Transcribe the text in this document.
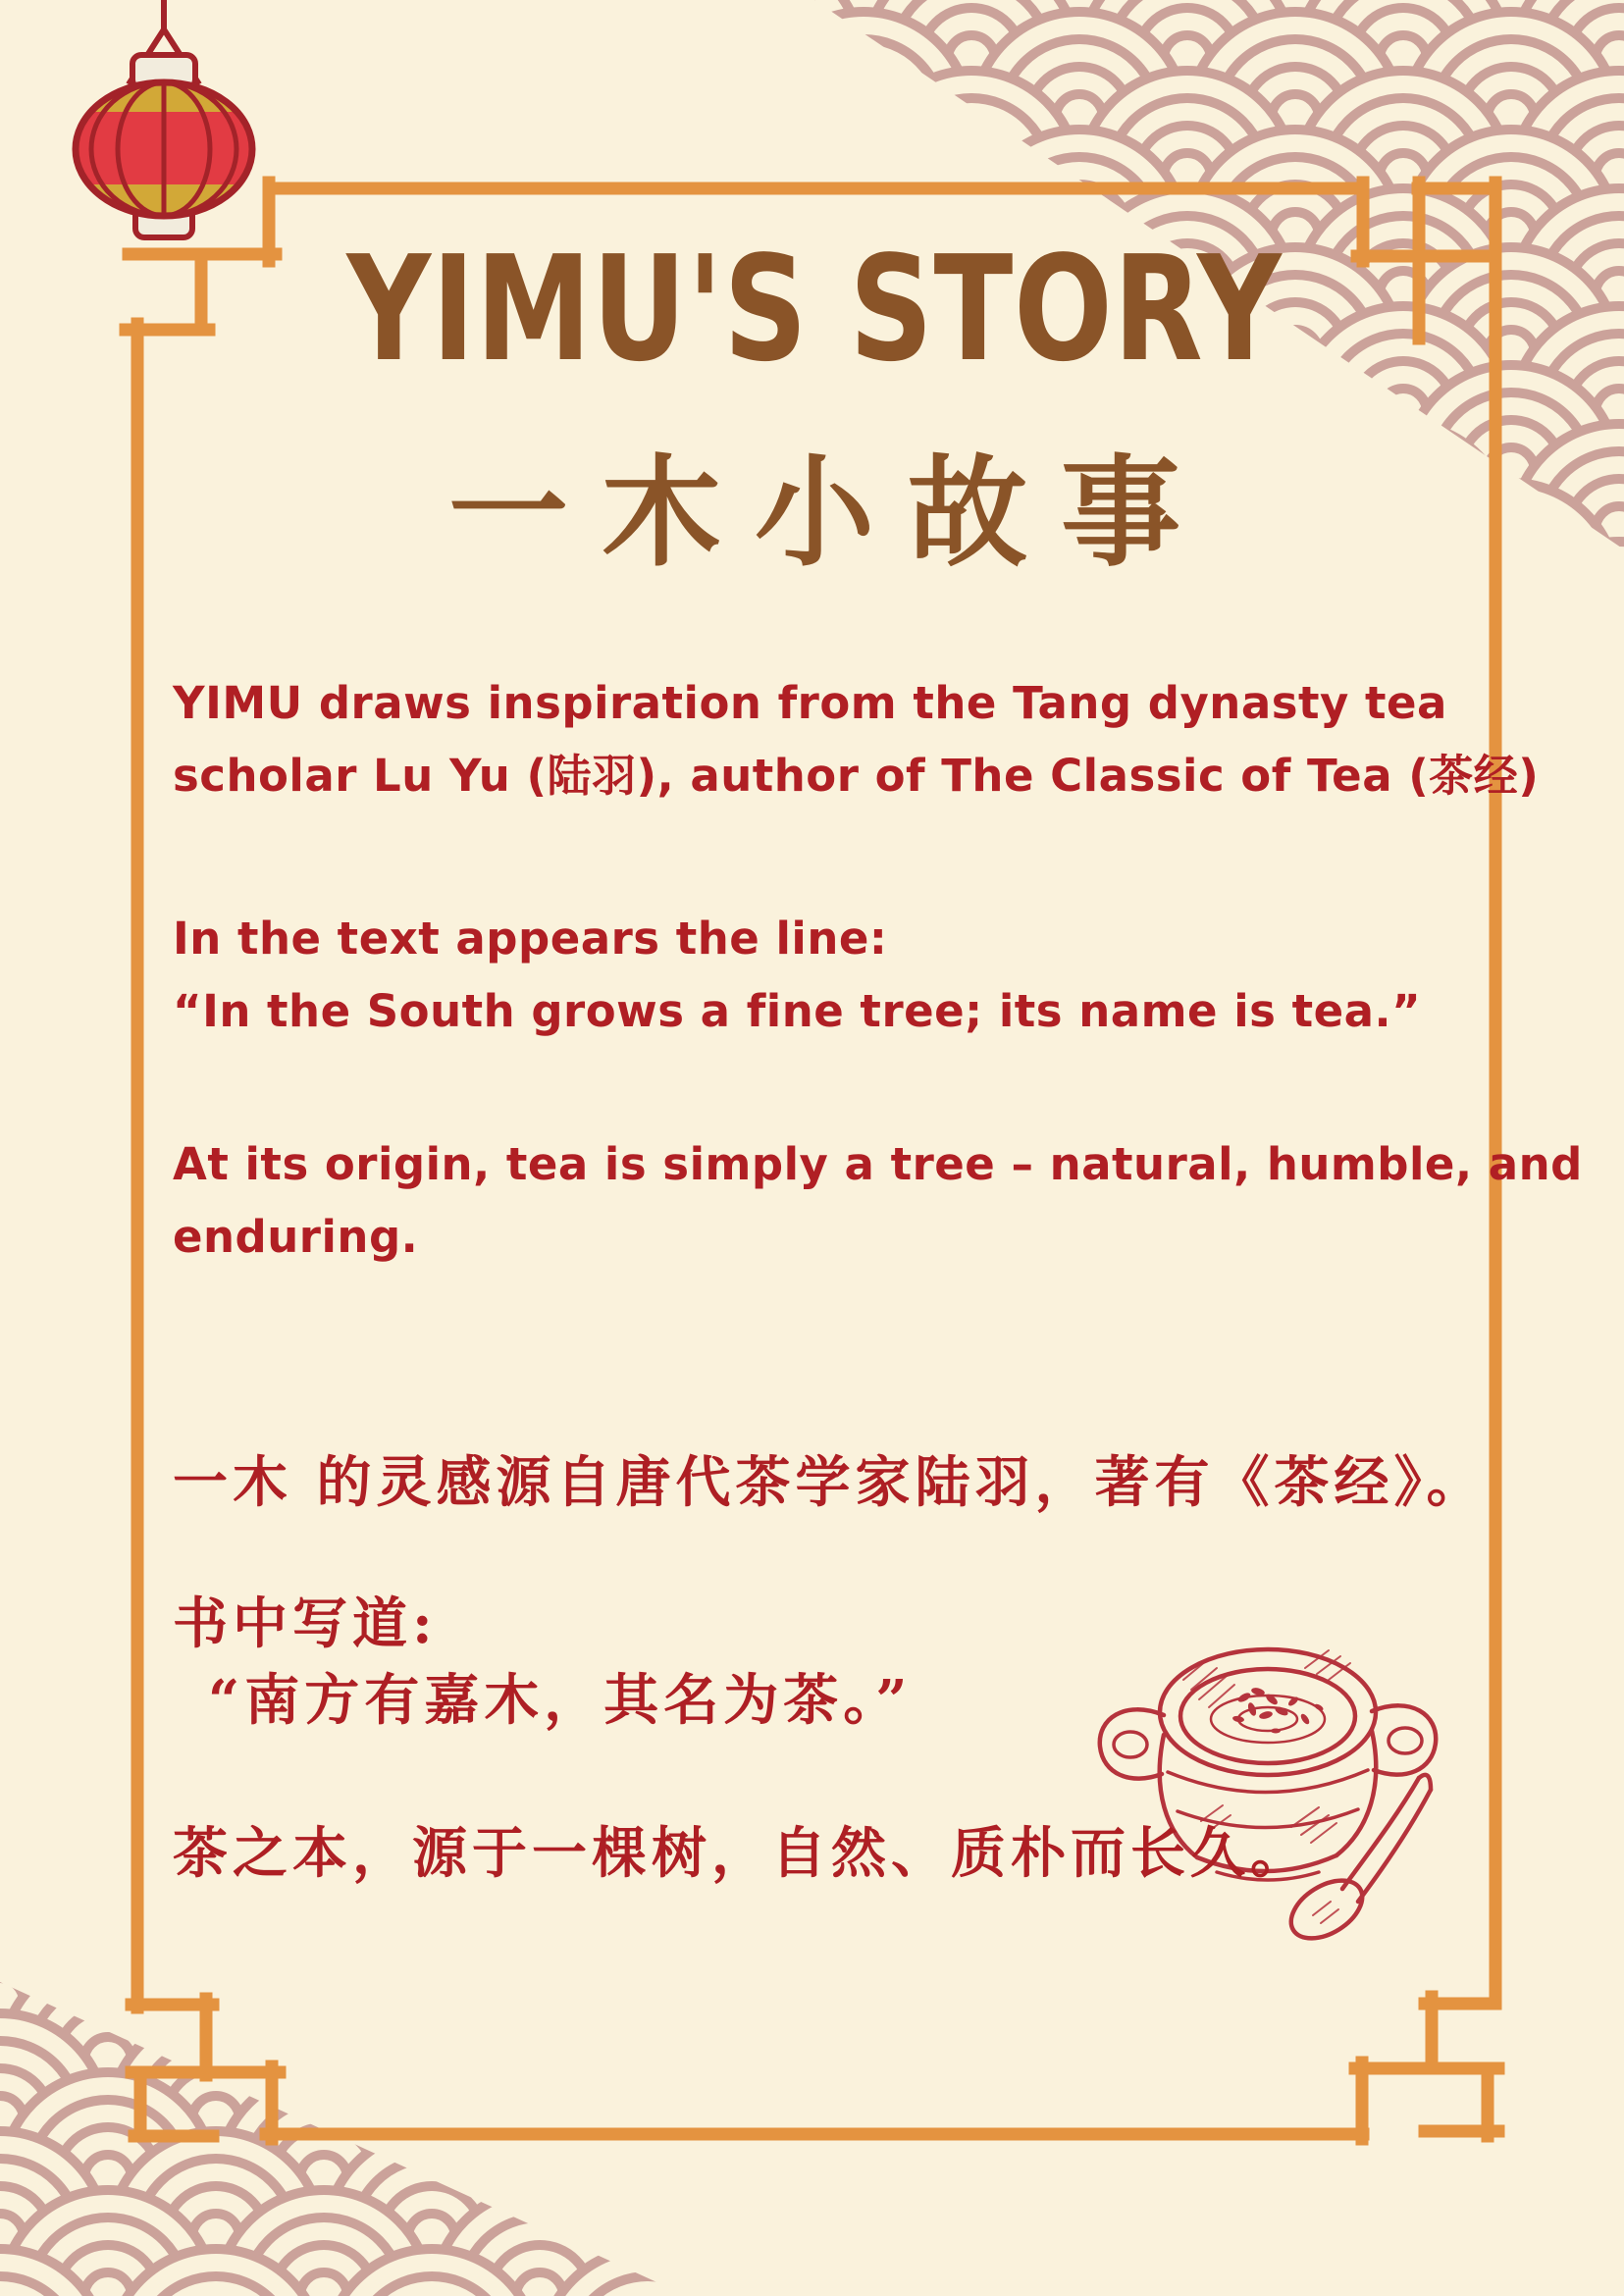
YIMU'S STORY
一木小故事
YIMU draws inspiration from the Tang dynasty tea
scholar Lu Yu (陆羽), author of The Classic of Tea (茶经)
In the text appears the line:
“In the South grows a fine tree; its name is tea.”
At its origin, tea is simply a tree – natural, humble, and
enduring.
一木 的灵感源自唐代茶学家陆羽，著有《茶经》。
书中写道:
“南方有嘉木，其名为茶。”
茶之本，源于一棵树，自然、质朴而长久。
